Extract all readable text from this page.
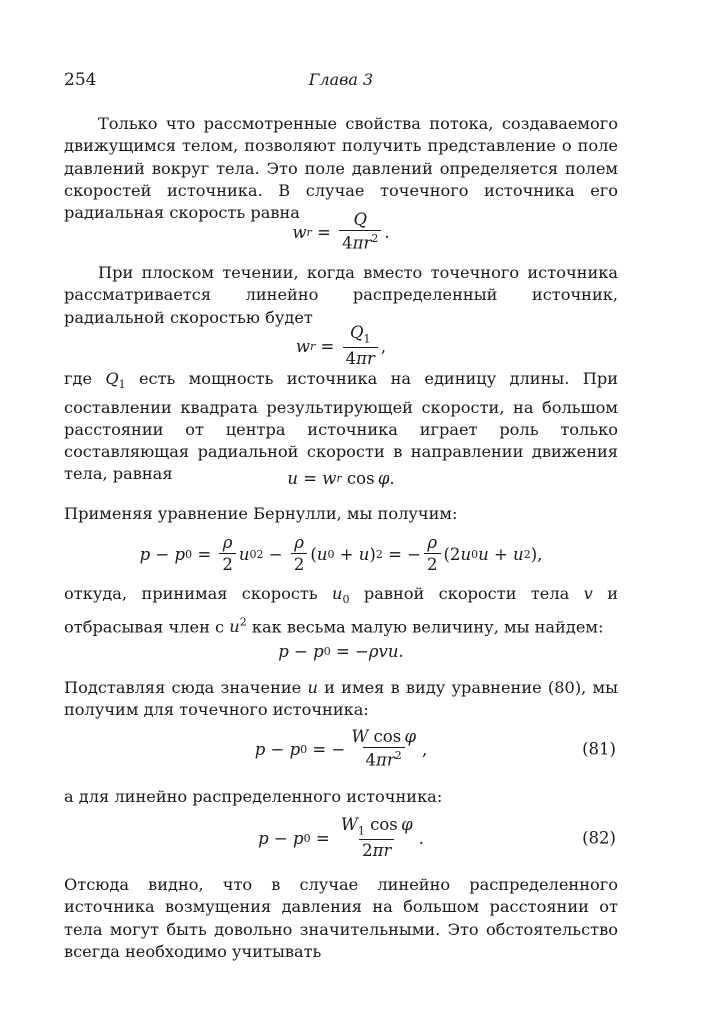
254	Глава 3

Только что рассмотренные свойства потока, создаваемого движущимся телом, позволяют получить представление о поле давлений вокруг тела. Это поле давлений определяется полем скоростей источника. В случае точечного источника его радиальная скорость равна

w $r = \frac{Q}{4\pi r^2}$ .

При плоском течении, когда вместо точечного источника рассматривается линейно распределенный источник, радиальной скоростью будет

w $r = \frac{Q_1}{4\pi r}$ ,

где $Q_1$ есть мощность источника на единицу длины. При составлении квадрата результирующей скорости, на большом расстоянии от центра источника играет роль только составляющая радиальной скорости в направлении движения тела, равная	u = w r cos  φ .

Применяя уравнение Бернулли, мы получим:

p − p $0 = \frac{\rho}{2}$ u 0 $2 - \frac{\rho}{2}$ ( u 0 + u ) 2 = − $\frac{\rho}{2} (2$ u 0 u + u 2 ),

откуда, принимая скорость $u_0$ равной скорости тела v и отбрасывая член с $u^2$ как весьма малую величину, мы найдем:

p − p 0 = − ρvu .

Подставляя сюда значение u и имея в виду уравнение (80), мы получим для точечного источника:

p − p 0 = − $\frac{\text{W cos φ}}{4\pi r^2}$ ,	(81)

а для линейно распределенного источника:

p − p $0 = \frac{W_1 \cos \varphi}{2\pi r}$ .	(82)

Отсюда видно, что в случае линейно распределенного источника возмущения давления на большом расстоянии от тела могут быть довольно значительными. Это обстоятельство всегда необходимо учитывать
